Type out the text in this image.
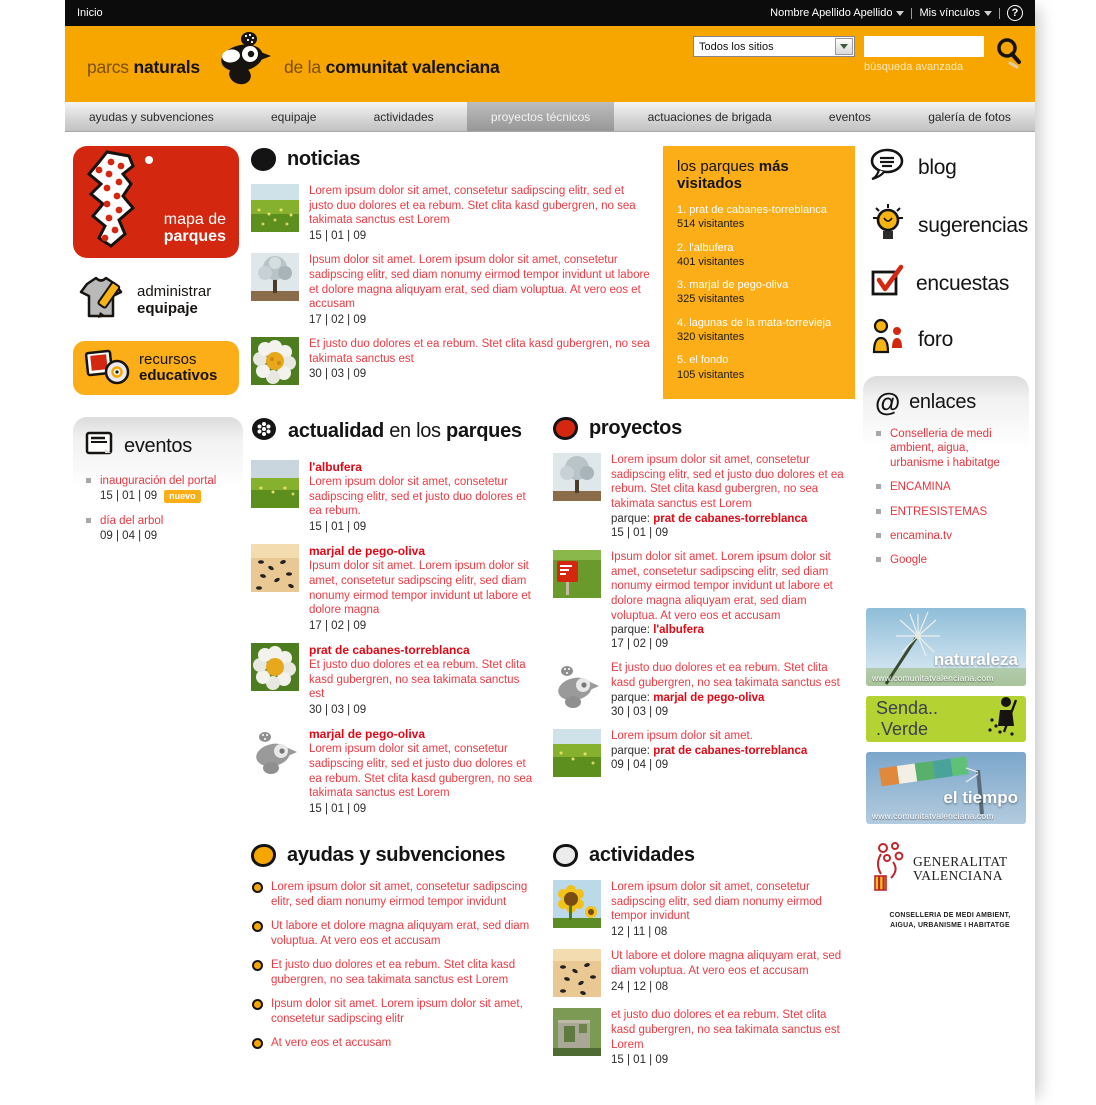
Inicio	Nombre Apellido Apellido	Mis vínculos	?
parcs naturals	de la comunitat valenciana
Todos los sitios
búsqueda avanzada
ayudas y subvenciones	equipaje	actividades	proyectos técnicos	actuaciones de brigada	eventos	galería de fotos
mapa de
parques
administrar
equipaje
recursos
educativos
eventos
inauguración del portal
15 | 01 | 09	nuevo
día del arbol
09 | 04 | 09
noticias
Lorem ipsum dolor sit amet, consetetur sadipscing elitr, sed et justo duo dolores et ea rebum. Stet clita kasd gubergren, no sea takimata sanctus est Lorem
15 | 01 | 09
Ipsum dolor sit amet. Lorem ipsum dolor sit amet, consetetur sadipscing elitr, sed diam nonumy eirmod tempor invidunt ut labore et dolore magna aliquyam erat, sed diam voluptua. At vero eos et accusam
17 | 02 | 09
Et justo duo dolores et ea rebum. Stet clita kasd gubergren, no sea takimata sanctus est
30 | 03 | 09
los parques más visitados
1. prat de cabanes-torreblanca
514 visitantes
2. l'albufera
401 visitantes
3. marjal de pego-oliva
325 visitantes
4. lagunas de la mata-torrevieja
320 visitantes
5. el fondo
105 visitantes
actualidad en los parques
l'albufera
Lorem ipsum dolor sit amet, consetetur sadipscing elitr, sed et justo duo dolores et ea rebum.
15 | 01 | 09
marjal de pego-oliva
Ipsum dolor sit amet. Lorem ipsum dolor sit amet, consetetur sadipscing elitr, sed diam nonumy eirmod tempor invidunt ut labore et dolore magna
17 | 02 | 09
prat de cabanes-torreblanca
Et justo duo dolores et ea rebum. Stet clita kasd gubergren, no sea takimata sanctus est
30 | 03 | 09
marjal de pego-oliva
Lorem ipsum dolor sit amet, consetetur sadipscing elitr, sed et justo duo dolores et ea rebum. Stet clita kasd gubergren, no sea takimata sanctus est Lorem
15 | 01 | 09
proyectos
Lorem ipsum dolor sit amet, consetetur sadipscing elitr, sed et justo duo dolores et ea rebum. Stet clita kasd gubergren, no sea takimata sanctus est Lorem
parque: prat de cabanes-torreblanca
15 | 01 | 09
Ipsum dolor sit amet. Lorem ipsum dolor sit amet, consetetur sadipscing elitr, sed diam nonumy eirmod tempor invidunt ut labore et dolore magna aliquyam erat, sed diam voluptua. At vero eos et accusam
parque: l'albufera
17 | 02 | 09
Et justo duo dolores et ea rebum. Stet clita kasd gubergren, no sea takimata sanctus est
parque: marjal de pego-oliva
30 | 03 | 09
Lorem ipsum dolor sit amet.
parque: prat de cabanes-torreblanca
09 | 04 | 09
ayudas y subvenciones
Lorem ipsum dolor sit amet, consetetur sadipscing elitr, sed diam nonumy eirmod tempor invidunt
Ut labore et dolore magna aliquyam erat, sed diam voluptua. At vero eos et accusam
Et justo duo dolores et ea rebum. Stet clita kasd gubergren, no sea takimata sanctus est Lorem
Ipsum dolor sit amet. Lorem ipsum dolor sit amet, consetetur sadipscing elitr
At vero eos et accusam
actividades
Lorem ipsum dolor sit amet, consetetur sadipscing elitr, sed diam nonumy eirmod tempor invidunt
12 | 11 | 08
Ut labore et dolore magna aliquyam erat, sed diam voluptua. At vero eos et accusam
24 | 12 | 08
et justo duo dolores et ea rebum. Stet clita kasd gubergren, no sea takimata sanctus est Lorem
15 | 01 | 09
blog
sugerencias
encuestas
foro
@ enlaces
Conselleria de medi ambient, aigua, urbanisme i habitatge
ENCAMINA
ENTRESISTEMAS
encamina.tv
Google
naturaleza
www.comunitatvalenciana.com
Senda.. .Verde
el tiempo
www.comunitatvalenciana.com
GENERALITAT
VALENCIANA
CONSELLERIA DE MEDI AMBIENT,
AIGUA, URBANISME I HABITATGE
